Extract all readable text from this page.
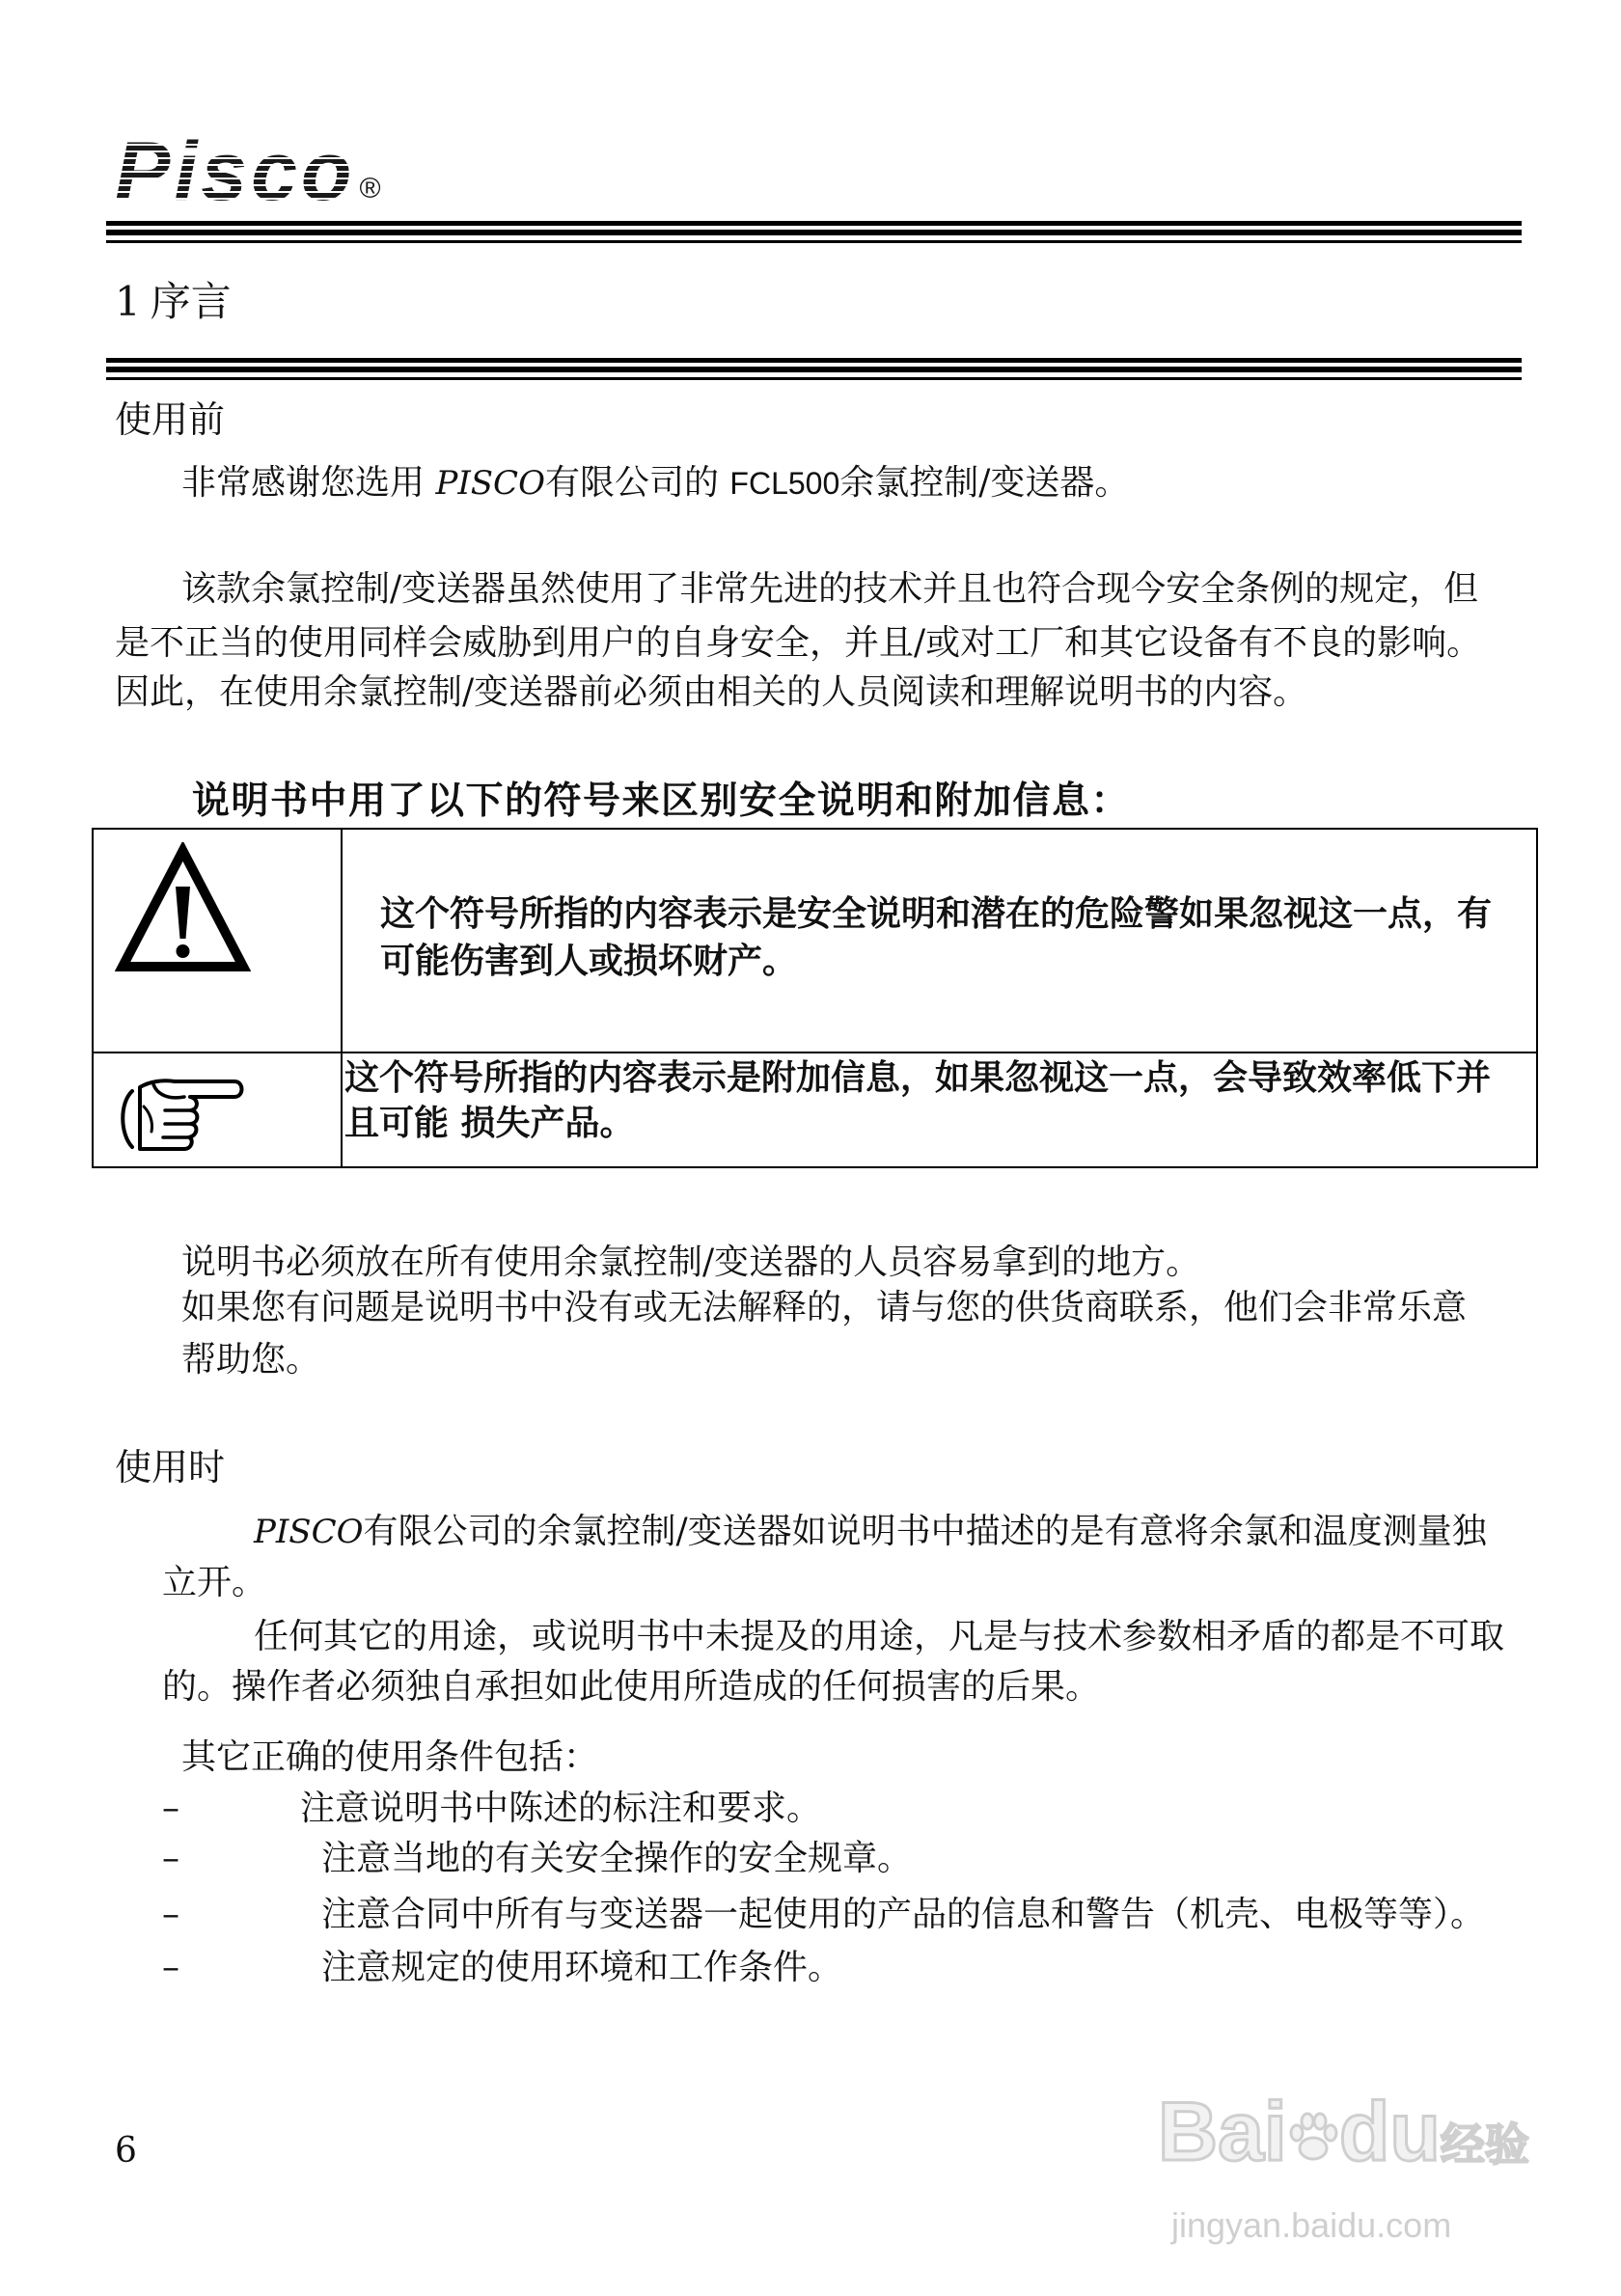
Pisco ®
1 序言
使用前
非常感谢您选用 PISCO有限公司的 FCL500余氯控制/变送器。
该款余氯控制/变送器虽然使用了非常先进的技术并且也符合现今安全条例的规定，但
是不正当的使用同样会威胁到用户的自身安全，并且/或对工厂和其它设备有不良的影响。
因此，在使用余氯控制/变送器前必须由相关的人员阅读和理解说明书的内容。
说明书中用了以下的符号来区别安全说明和附加信息：
这个符号所指的内容表示是安全说明和潜在的危险警如果忽视这一点，有
可能伤害到人或损坏财产。
这个符号所指的内容表示是附加信息，如果忽视这一点，会导致效率低下并
且可能 损失产品。
说明书必须放在所有使用余氯控制/变送器的人员容易拿到的地方。
如果您有问题是说明书中没有或无法解释的，请与您的供货商联系，他们会非常乐意
帮助您。
使用时
PISCO有限公司的余氯控制/变送器如说明书中描述的是有意将余氯和温度测量独
立开。
任何其它的用途，或说明书中未提及的用途，凡是与技术参数相矛盾的都是不可取
的。操作者必须独自承担如此使用所造成的任何损害的后果。
其它正确的使用条件包括：
–	注意说明书中陈述的标注和要求。
–	注意当地的有关安全操作的安全规章。
–	注意合同中所有与变送器一起使用的产品的信息和警告（机壳、电极等等）。
–	注意规定的使用环境和工作条件。
6	Bai du经验
jingyan.baidu.com
